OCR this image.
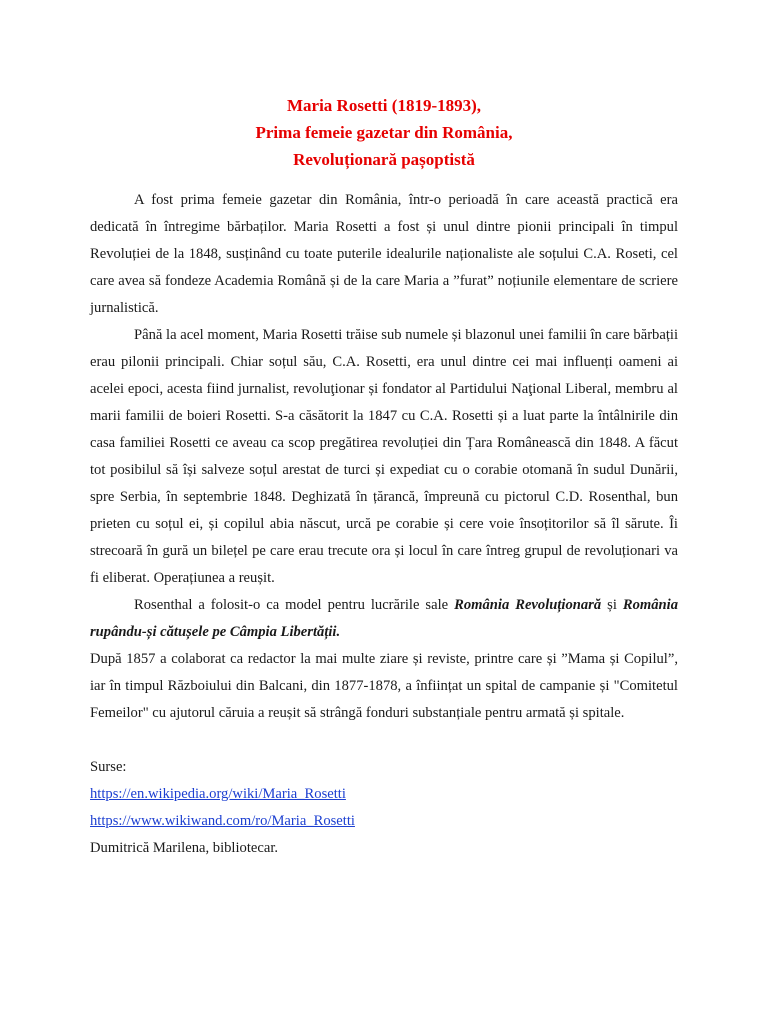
Maria Rosetti (1819-1893),
Prima femeie gazetar din România,
Revoluționară pașoptistă

A fost prima femeie gazetar din România, într-o perioadă în care această practică era dedicată în întregime bărbaților. Maria Rosetti a fost și unul dintre pionii principali în timpul Revoluției de la 1848, susținând cu toate puterile idealurile naționaliste ale soțului C.A. Roseti, cel care avea să fondeze Academia Română și de la care Maria a ”furat” noțiunile elementare de scriere jurnalistică.

Până la acel moment, Maria Rosetti trăise sub numele și blazonul unei familii în care bărbații erau pilonii principali. Chiar soțul său, C.A. Rosetti, era unul dintre cei mai influenți oameni ai acelei epoci, acesta fiind jurnalist, revoluţionar și fondator al Partidului Naţional Liberal, membru al marii familii de boieri Rosetti. S-a căsătorit la 1847 cu C.A. Rosetti și a luat parte la întâlnirile din casa familiei Rosetti ce aveau ca scop pregătirea revoluției din Țara Românească din 1848. A făcut tot posibilul să își salveze soțul arestat de turci și expediat cu o corabie otomană în sudul Dunării, spre Serbia, în septembrie 1848. Deghizată în țărancă, împreună cu pictorul C.D. Rosenthal, bun prieten cu soțul ei, și copilul abia născut, urcă pe corabie și cere voie însoțitorilor să îl sărute. Îi strecoară în gură un bilețel pe care erau trecute ora și locul în care întreg grupul de revoluționari va fi eliberat. Operațiunea a reușit.

Rosenthal a folosit-o ca model pentru lucrările sale România Revoluționară și România rupându-și cătușele pe Câmpia Libertății.

După 1857 a colaborat ca redactor la mai multe ziare și reviste, printre care și ”Mama și Copilul”, iar în timpul Războiului din Balcani, din 1877-1878, a înființat un spital de campanie și "Comitetul Femeilor" cu ajutorul căruia a reușit să strângă fonduri substanțiale pentru armată și spitale.

Surse:
https://en.wikipedia.org/wiki/Maria_Rosetti
https://www.wikiwand.com/ro/Maria_Rosetti
Dumitrică Marilena, bibliotecar.
